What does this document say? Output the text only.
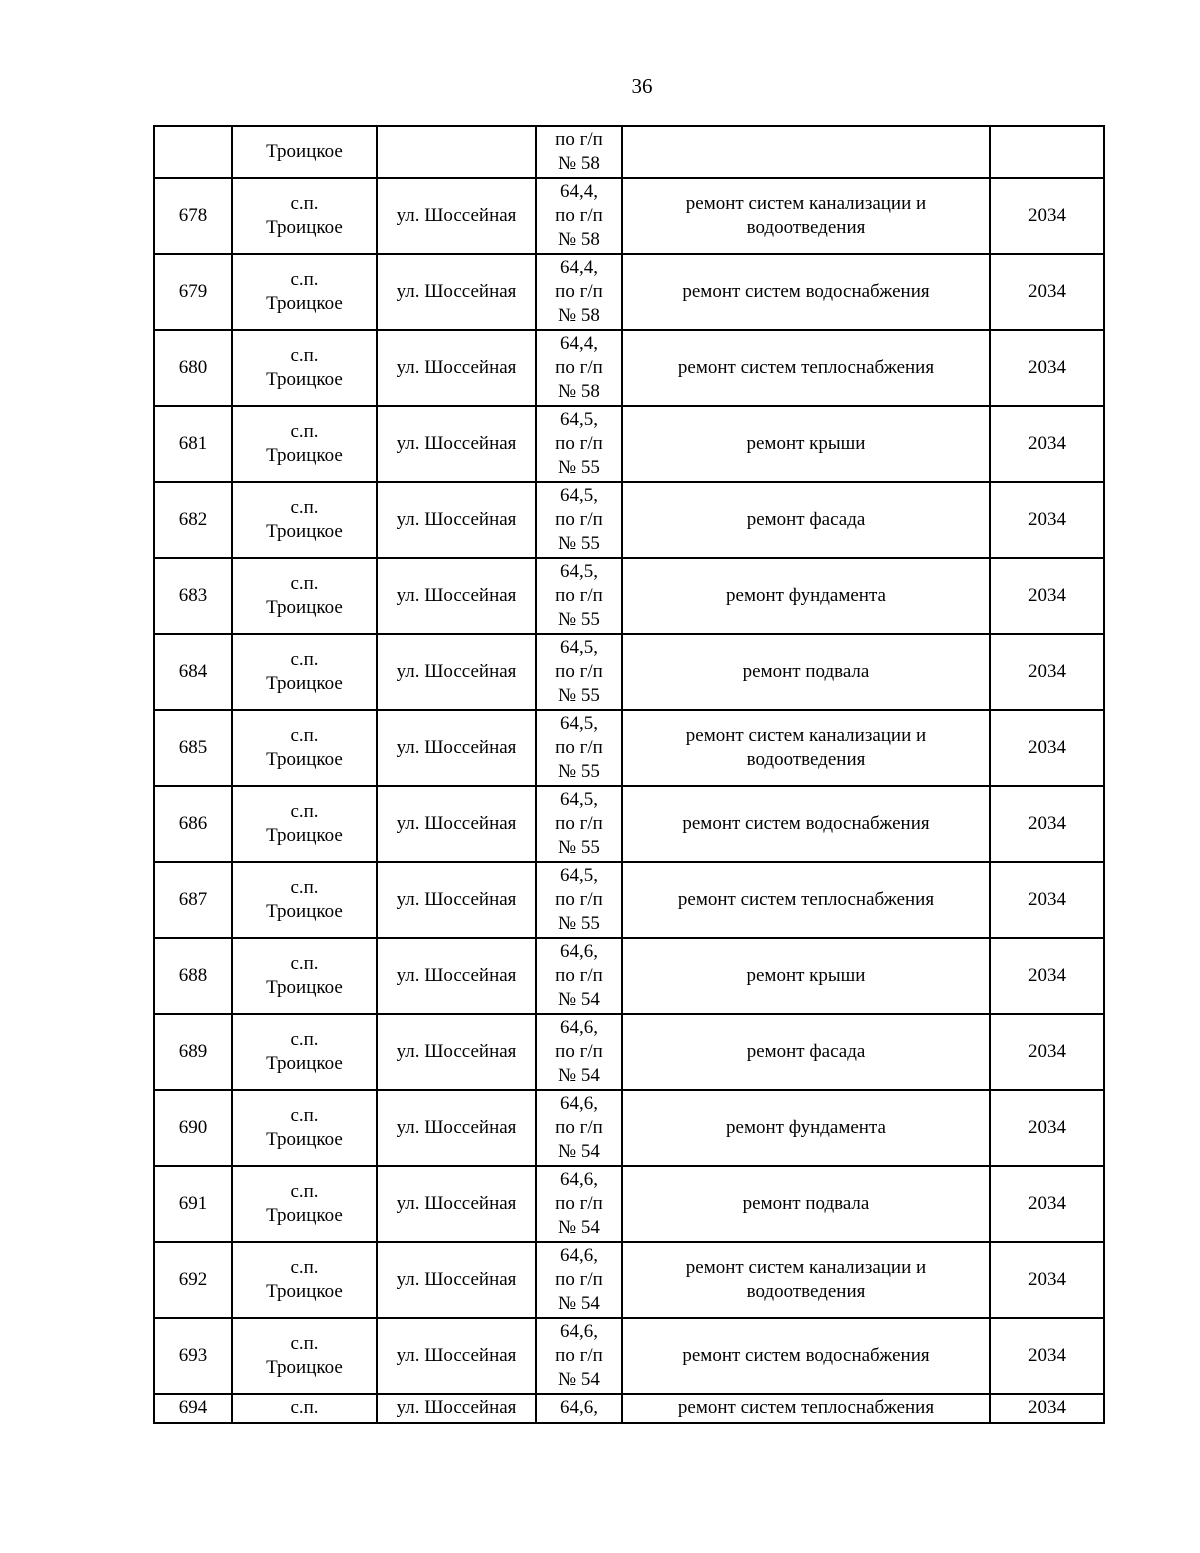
36

	Троицкое		по г/п
№ 58		

678	с.п.
Троицкое	ул. Шоссейная	64,4,
по г/п
№ 58	ремонт систем канализации и водоотведения	2034
679	с.п.
Троицкое	ул. Шоссейная	64,4,
по г/п
№ 58	ремонт систем водоснабжения	2034
680	с.п.
Троицкое	ул. Шоссейная	64,4,
по г/п
№ 58	ремонт систем теплоснабжения	2034
681	с.п.
Троицкое	ул. Шоссейная	64,5,
по г/п
№ 55	ремонт крыши	2034
682	с.п.
Троицкое	ул. Шоссейная	64,5,
по г/п
№ 55	ремонт фасада	2034
683	с.п.
Троицкое	ул. Шоссейная	64,5,
по г/п
№ 55	ремонт фундамента	2034
684	с.п.
Троицкое	ул. Шоссейная	64,5,
по г/п
№ 55	ремонт подвала	2034
685	с.п.
Троицкое	ул. Шоссейная	64,5,
по г/п
№ 55	ремонт систем канализации и водоотведения	2034
686	с.п.
Троицкое	ул. Шоссейная	64,5,
по г/п
№ 55	ремонт систем водоснабжения	2034
687	с.п.
Троицкое	ул. Шоссейная	64,5,
по г/п
№ 55	ремонт систем теплоснабжения	2034
688	с.п.
Троицкое	ул. Шоссейная	64,6,
по г/п
№ 54	ремонт крыши	2034
689	с.п.
Троицкое	ул. Шоссейная	64,6,
по г/п
№ 54	ремонт фасада	2034
690	с.п.
Троицкое	ул. Шоссейная	64,6,
по г/п
№ 54	ремонт фундамента	2034
691	с.п.
Троицкое	ул. Шоссейная	64,6,
по г/п
№ 54	ремонт подвала	2034
692	с.п.
Троицкое	ул. Шоссейная	64,6,
по г/п
№ 54	ремонт систем канализации и водоотведения	2034
693	с.п.
Троицкое	ул. Шоссейная	64,6,
по г/п
№ 54	ремонт систем водоснабжения	2034
694	с.п.	ул. Шоссейная	64,6,	ремонт систем теплоснабжения	2034
